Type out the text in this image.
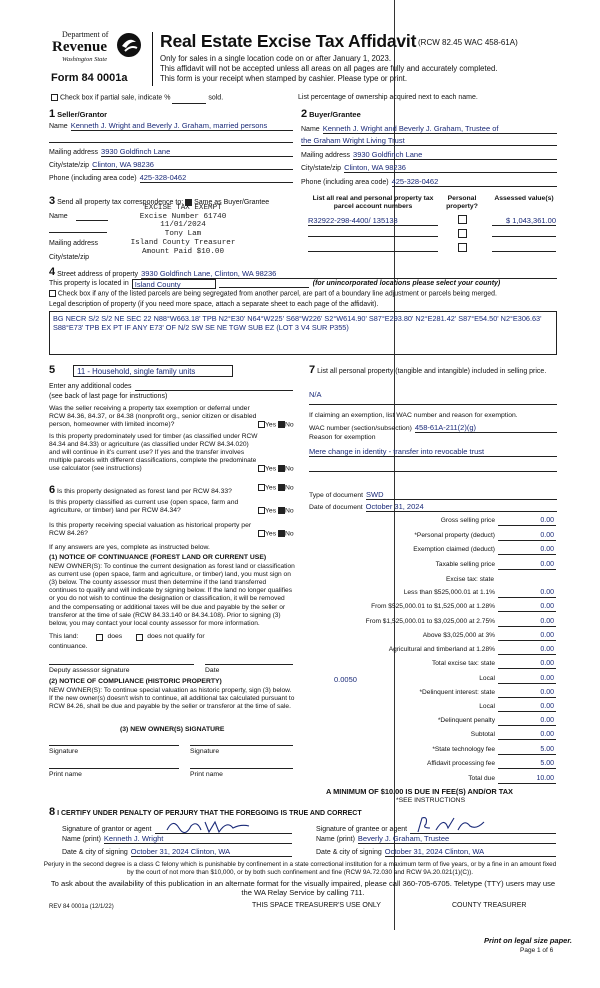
Department of
Revenue
Washington State
Form 84 0001a
Real Estate Excise Tax Affidavit (RCW 82.45 WAC 458-61A)
Only for sales in a single location code on or after January 1, 2023.
This affidavit will not be accepted unless all areas on all pages are fully and accurately completed.
This form is your receipt when stamped by cashier. Please type or print.
Check box if partial sale, indicate %	sold.	List percentage of ownership acquired next to each name.
1 Seller/Grantor
Name Kenneth J. Wright and Beverly J. Graham, married persons
Mailing address 3930 Goldfinch Lane
City/state/zip Clinton, WA 98236
Phone (including area code) 425-328-0462
2 Buyer/Grantee
Name Kenneth J. Wright and Beverly J. Graham, Trustee of
the Graham Wright Living Trust
Mailing address 3930 Goldfinch Lane
City/state/zip Clinton, WA 98236
Phone (including area code) 425-328-0462
3 Send all property tax correspondence to: Same as Buyer/Grantee
Name
Mailing address
City/state/zip
EXCISE TAX EXEMPT
Excise Number 61740
11/01/2024
Tony Lam
Island County Treasurer
Amount Paid $10.00
List all real and personal property tax parcel account numbers
Personal property?
Assessed value(s)
R32922-298-4400/ 135133	$ 1,043,361.00
4 Street address of property 3930 Goldfinch Lane, Clinton, WA 98236
This property is located in Island County	(for unincorporated locations please select your county)
Check box if any of the listed parcels are being segregated from another parcel, are part of a boundary line adjustment or parcels being merged.
Legal description of property (if you need more space, attach a separate sheet to each page of the affidavit).
BG NECR S/2 S/2 NE SEC 22 N88°W663.18' TPB N2°E30' N64°W225' S68°W226' S2°W614.90' S87°E293.80' N2°E281.42' S87°E54.50' N2°E306.63' S88°E73' TPB EX PT IF ANY E73' OF N/2 SW SE NE TGW SUB EZ (LOT 3 V4 SUR P355)
5	11 - Household, single family units
Enter any additional codes
(see back of last page for instructions)
Was the seller receiving a property tax exemption or deferral under RCW 84.36, 84.37, or 84.38 (nonprofit org., senior citizen or disabled person, homeowner with limited income)?	Yes No
Is this property predominately used for timber (as classified under RCW 84.34 and 84.33) or agriculture (as classified under RCW 84.34.020) and will continue in it's current use? If yes and the transfer involves multiple parcels with different classifications, complete the predominate use calculator (see instructions)	Yes No
6 Is this property designated as forest land per RCW 84.33?
Yes No
Is this property classified as current use (open space, farm and agriculture, or timber) land per RCW 84.34?	Yes No
Is this property receiving special valuation as historical property per RCW 84.26?	Yes No
If any answers are yes, complete as instructed below.
(1) NOTICE OF CONTINUANCE (FOREST LAND OR CURRENT USE)
NEW OWNER(S): To continue the current designation as forest land or classification as current use (open space, farm and agriculture, or timber) land, you must sign on (3) below. The county assessor must then determine if the land transferred continues to qualify and will indicate by signing below. If the land no longer qualifies or you do not wish to continue the designation or classification, it will be removed and the compensating or additional taxes will be due and payable by the seller or transferor at the time of sale (RCW 84.33.140 or 84.34.108). Prior to signing (3) below, you may contact your local county assessor for more information.
This land:	does	does not qualify for
continuance.
Deputy assessor signature	Date
(2) NOTICE OF COMPLIANCE (HISTORIC PROPERTY)
NEW OWNER(S): To continue special valuation as historic property, sign (3) below. If the new owner(s) doesn't wish to continue, all additional tax calculated pursuant to RCW 84.26, shall be due and payable by the seller or transferor at the time of sale.
(3) NEW OWNER(S) SIGNATURE
Signature	Signature
Print name	Print name
7 List all personal property (tangible and intangible) included in selling price.
N/A
If claiming an exemption, list WAC number and reason for exemption.
WAC number (section/subsection) 458-61A-211(2)(g)
Reason for exemption
Mere change in identity - transfer into revocable trust
Type of document SWD
Date of document October 31, 2024
Gross selling price	0.00
*Personal property (deduct)	0.00
Exemption claimed (deduct)	0.00
Taxable selling price	0.00
Excise tax: state
Less than $525,000.01 at 1.1%	0.00
From $525,000.01 to $1,525,000 at 1.28%	0.00
From $1,525,000.01 to $3,025,000 at 2.75%	0.00
Above $3,025,000 at 3%	0.00
Agricultural and timberland at 1.28%	0.00
Total excise tax: state	0.00
0.0050	Local	0.00
*Delinquent interest: state	0.00
Local	0.00
*Delinquent penalty	0.00
Subtotal	0.00
*State technology fee	5.00
Affidavit processing fee	5.00
Total due	10.00
A MINIMUM OF $10.00 IS DUE IN FEE(S) AND/OR TAX
*SEE INSTRUCTIONS
8 I CERTIFY UNDER PENALTY OF PERJURY THAT THE FOREGOING IS TRUE AND CORRECT
Signature of grantor or agent
Name (print) Kenneth J. Wright
Date & city of signing October 31, 2024 Clinton, WA
Signature of grantee or agent
Name (print) Beverly J. Graham, Trustee
Date & city of signing October 31, 2024 Clinton, WA
Perjury in the second degree is a class C felony which is punishable by confinement in a state correctional institution for a maximum term of five years, or by a fine in an amount fixed by the court of not more than $10,000, or by both such confinement and fine (RCW 9A.72.030 and RCW 9A.20.021(1)(C)).
To ask about the availability of this publication in an alternate format for the visually impaired, please call 360-705-6705. Teletype (TTY) users may use the WA Relay Service by calling 711.
REV 84 0001a (12/1/22)	THIS SPACE TREASURER'S USE ONLY	COUNTY TREASURER
Print on legal size paper.
Page 1 of 6
